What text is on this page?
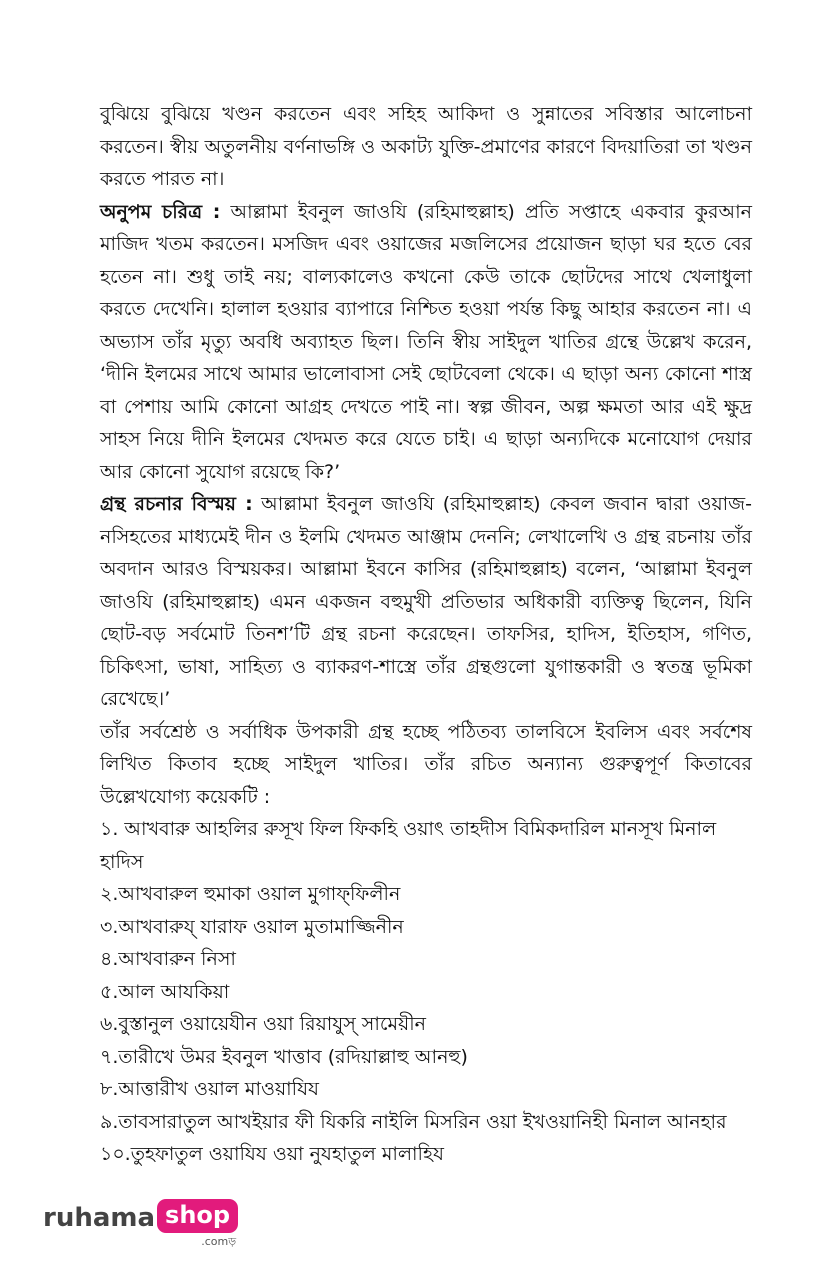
বুঝিয়ে বুঝিয়ে খণ্ডন করতেন এবং সহিহ আকিদা ও সুন্নাতের সবিস্তার আলোচনা করতেন। স্বীয় অতুলনীয় বর্ণনাভঙ্গি ও অকাট্য যুক্তি-প্রমাণের কারণে বিদয়াতিরা তা খণ্ডন করতে পারত না।

অনুপম চরিত্র : আল্লামা ইবনুল জাওযি (রহিমাহুল্লাহ) প্রতি সপ্তাহে একবার কুরআন মাজিদ খতম করতেন। মসজিদ এবং ওয়াজের মজলিসের প্রয়োজন ছাড়া ঘর হতে বের হতেন না। শুধু তাই নয়; বাল্যকালেও কখনো কেউ তাকে ছোটদের সাথে খেলাধুলা করতে দেখেনি। হালাল হওয়ার ব্যাপারে নিশ্চিত হওয়া পর্যন্ত কিছু আহার করতেন না। এ অভ্যাস তাঁর মৃত্যু অবধি অব্যাহত ছিল। তিনি স্বীয় সাইদুল খাতির গ্রন্থে উল্লেখ করেন, ‘দীনি ইলমের সাথে আমার ভালোবাসা সেই ছোটবেলা থেকে। এ ছাড়া অন্য কোনো শাস্ত্র বা পেশায় আমি কোনো আগ্রহ দেখতে পাই না। স্বল্প জীবন, অল্প ক্ষমতা আর এই ক্ষুদ্র সাহস নিয়ে দীনি ইলমের খেদমত করে যেতে চাই। এ ছাড়া অন্যদিকে মনোযোগ দেয়ার আর কোনো সুযোগ রয়েছে কি?’

গ্রন্থ রচনার বিস্ময় : আল্লামা ইবনুল জাওযি (রহিমাহুল্লাহ) কেবল জবান দ্বারা ওয়াজ-নসিহতের মাধ্যমেই দীন ও ইলমি খেদমত আঞ্জাম দেননি; লেখালেখি ও গ্রন্থ রচনায় তাঁর অবদান আরও বিস্ময়কর। আল্লামা ইবনে কাসির (রহিমাহুল্লাহ) বলেন, ‘আল্লামা ইবনুল জাওযি (রহিমাহুল্লাহ) এমন একজন বহুমুখী প্রতিভার অধিকারী ব্যক্তিত্ব ছিলেন, যিনি ছোট-বড় সর্বমোট তিনশ’টি গ্রন্থ রচনা করেছেন। তাফসির, হাদিস, ইতিহাস, গণিত, চিকিৎসা, ভাষা, সাহিত্য ও ব্যাকরণ-শাস্ত্রে তাঁর গ্রন্থগুলো যুগান্তকারী ও স্বতন্ত্র ভূমিকা রেখেছে।’

তাঁর সর্বশ্রেষ্ঠ ও সর্বাধিক উপকারী গ্রন্থ হচ্ছে পঠিতব্য তালবিসে ইবলিস এবং সর্বশেষ লিখিত কিতাব হচ্ছে সাইদুল খাতির। তাঁর রচিত অন্যান্য গুরুত্বপূর্ণ কিতাবের উল্লেখযোগ্য কয়েকটি :

১. আখবারু আহলির রুসূখ ফিল ফিকহি ওয়াৎ তাহদীস বিমিকদারিল মানসূখ মিনাল হাদিস
২.আখবারুল হুমাকা ওয়াল মুগাফ্‌ফিলীন
৩.আখবারুয্‌ যারাফ ওয়াল মুতামাজ্জিনীন
৪.আখবারুন নিসা
৫.আল আযকিয়া
৬.বুস্তানুল ওয়ায়েযীন ওয়া রিয়াযুস্‌ সামেয়ীন
৭.তারীখে উমর ইবনুল খাত্তাব (রদিয়াল্লাহু আনহু)
৮.আত্তারীখ ওয়াল মাওয়াযিয
৯.তাবসারাতুল আখইয়ার ফী যিকরি নাইলি মিসরিন ওয়া ইখওয়ানিহী মিনাল আনহার
১০.তুহফাতুল ওয়াযিয ওয়া নুযহাতুল মালাহিয
ruhama shop
.comড়
